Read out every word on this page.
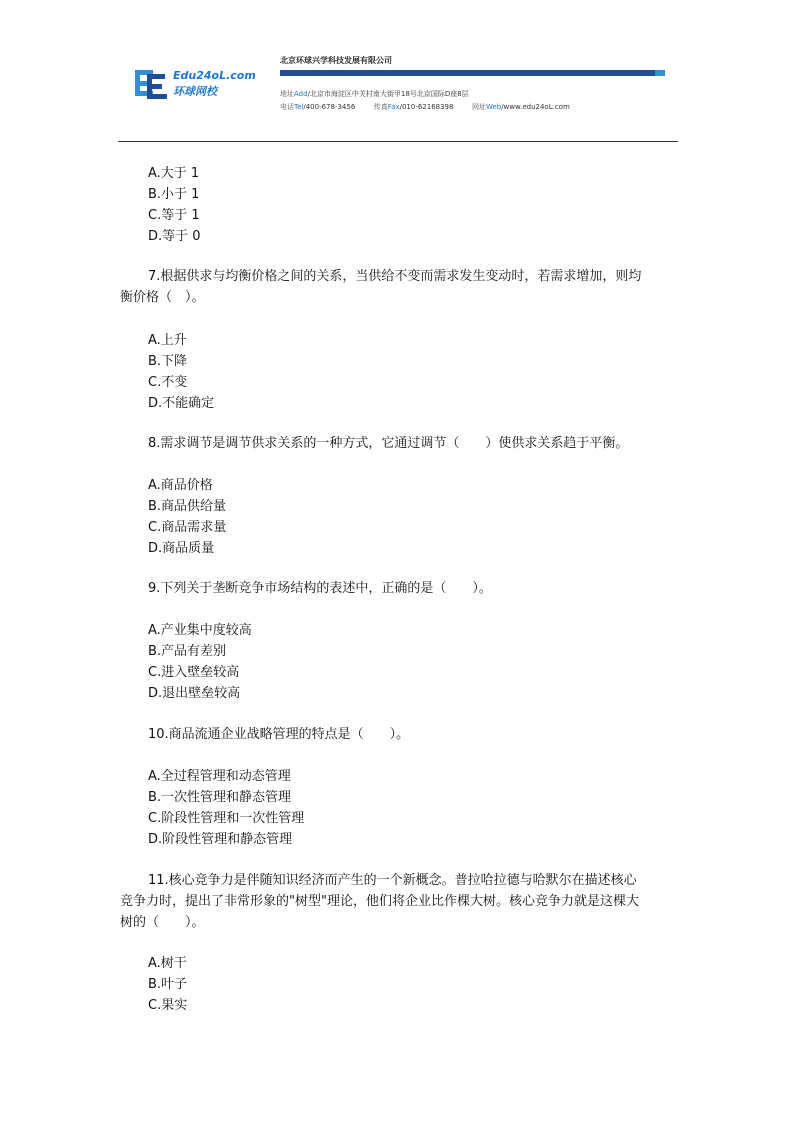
Edu24oL.com
环球网校
北京环球兴学科技发展有限公司
地址Add/北京市海淀区中关村南大街甲18号北京国际D座8层
电话Tel/400-678-3456	传真Fax/010-62168398	网址Web/www.edu24oL.com
A.大于 1
B.小于 1
C.等于 1
D.等于 0
7.根据供求与均衡价格之间的关系，当供给不变而需求发生变动时，若需求增加，则均
衡价格（　）。
A.上升
B.下降
C.不变
D.不能确定
8.需求调节是调节供求关系的一种方式，它通过调节（　　）使供求关系趋于平衡。
A.商品价格
B.商品供给量
C.商品需求量
D.商品质量
9.下列关于垄断竞争市场结构的表述中，正确的是（　　）。
A.产业集中度较高
B.产品有差别
C.进入壁垒较高
D.退出壁垒较高
10.商品流通企业战略管理的特点是（　　）。
A.全过程管理和动态管理
B.一次性管理和静态管理
C.阶段性管理和一次性管理
D.阶段性管理和静态管理
11.核心竞争力是伴随知识经济而产生的一个新概念。普拉哈拉德与哈默尔在描述核心
竞争力时，提出了非常形象的"树型"理论，他们将企业比作棵大树。核心竞争力就是这棵大
树的（　　）。
A.树干
B.叶子
C.果实
